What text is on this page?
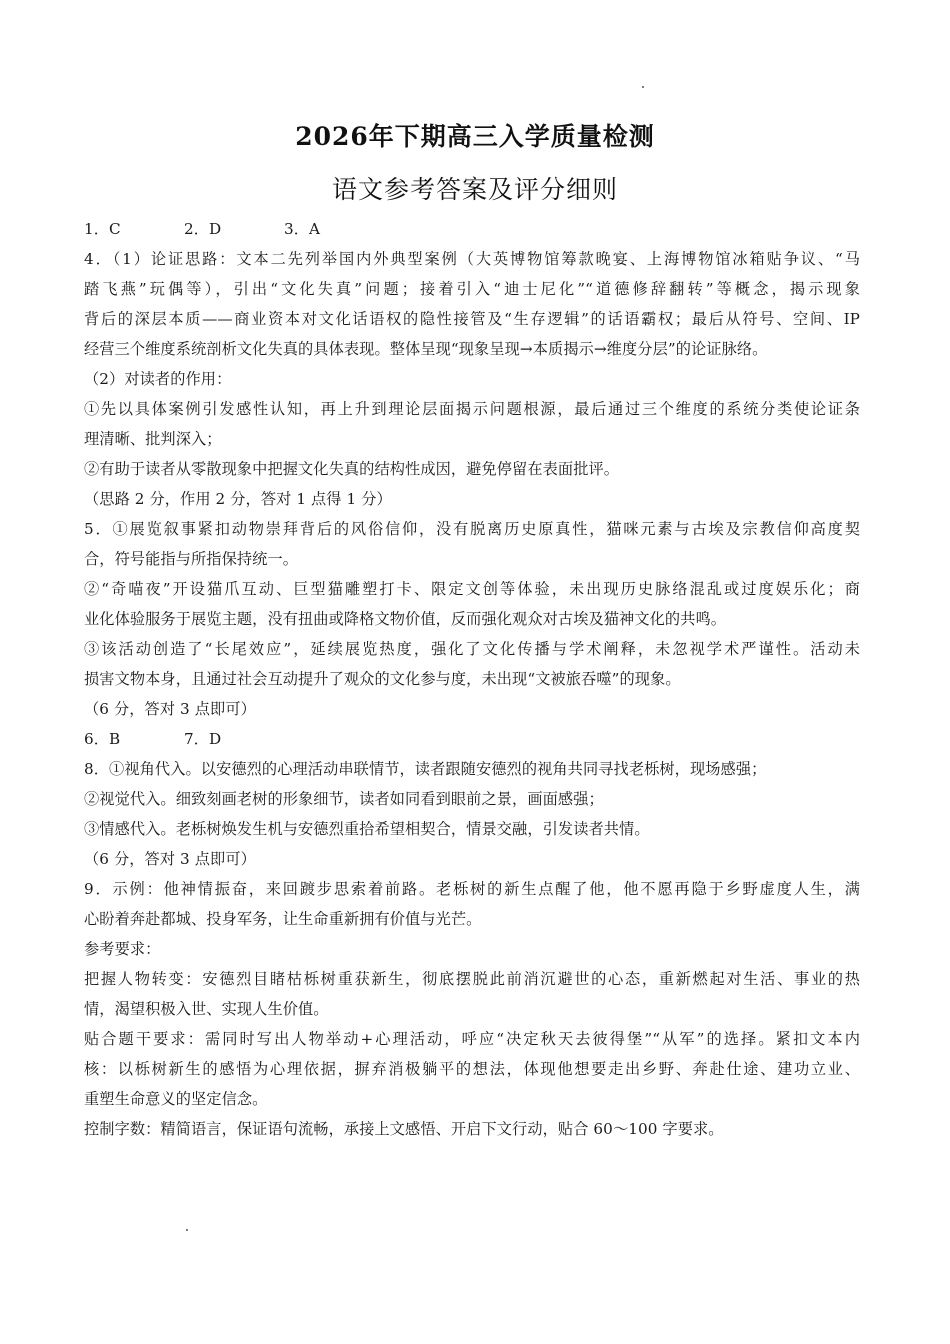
2026年下期高三入学质量检测
语文参考答案及评分细则
1．C	2．D	3．A
4．（1）论证思路：文本二先列举国内外典型案例（大英博物馆筹款晚宴、上海博物馆冰箱贴争议、“马
踏飞燕”玩偶等），引出“文化失真”问题；接着引入“迪士尼化”“道德修辞翻转”等概念，揭示现象
背后的深层本质——商业资本对文化话语权的隐性接管及“生存逻辑”的话语霸权；最后从符号、空间、IP
经营三个维度系统剖析文化失真的具体表现。整体呈现“现象呈现→本质揭示→维度分层”的论证脉络。
（2）对读者的作用：
①先以具体案例引发感性认知，再上升到理论层面揭示问题根源，最后通过三个维度的系统分类使论证条
理清晰、批判深入；
②有助于读者从零散现象中把握文化失真的结构性成因，避免停留在表面批评。
（思路 2 分，作用 2 分，答对 1 点得 1 分）
5．①展览叙事紧扣动物崇拜背后的风俗信仰，没有脱离历史原真性，猫咪元素与古埃及宗教信仰高度契
合，符号能指与所指保持统一。
②“奇喵夜”开设猫爪互动、巨型猫雕塑打卡、限定文创等体验，未出现历史脉络混乱或过度娱乐化；商
业化体验服务于展览主题，没有扭曲或降格文物价值，反而强化观众对古埃及猫神文化的共鸣。
③该活动创造了“长尾效应”，延续展览热度，强化了文化传播与学术阐释，未忽视学术严谨性。活动未
损害文物本身，且通过社会互动提升了观众的文化参与度，未出现“文被旅吞噬”的现象。
（6 分，答对 3 点即可）
6．B	7．D
8．①视角代入。以安德烈的心理活动串联情节，读者跟随安德烈的视角共同寻找老栎树，现场感强；
②视觉代入。细致刻画老树的形象细节，读者如同看到眼前之景，画面感强；
③情感代入。老栎树焕发生机与安德烈重拾希望相契合，情景交融，引发读者共情。
（6 分，答对 3 点即可）
9．示例：他神情振奋，来回踱步思索着前路。老栎树的新生点醒了他，他不愿再隐于乡野虚度人生，满
心盼着奔赴都城、投身军务，让生命重新拥有价值与光芒。
参考要求：
把握人物转变：安德烈目睹枯栎树重获新生，彻底摆脱此前消沉避世的心态，重新燃起对生活、事业的热
情，渴望积极入世、实现人生价值。
贴合题干要求：需同时写出人物举动+心理活动，呼应“决定秋天去彼得堡”“从军”的选择。紧扣文本内
核：以栎树新生的感悟为心理依据，摒弃消极躺平的想法，体现他想要走出乡野、奔赴仕途、建功立业、
重塑生命意义的坚定信念。
控制字数：精简语言，保证语句流畅，承接上文感悟、开启下文行动，贴合 60～100 字要求。
